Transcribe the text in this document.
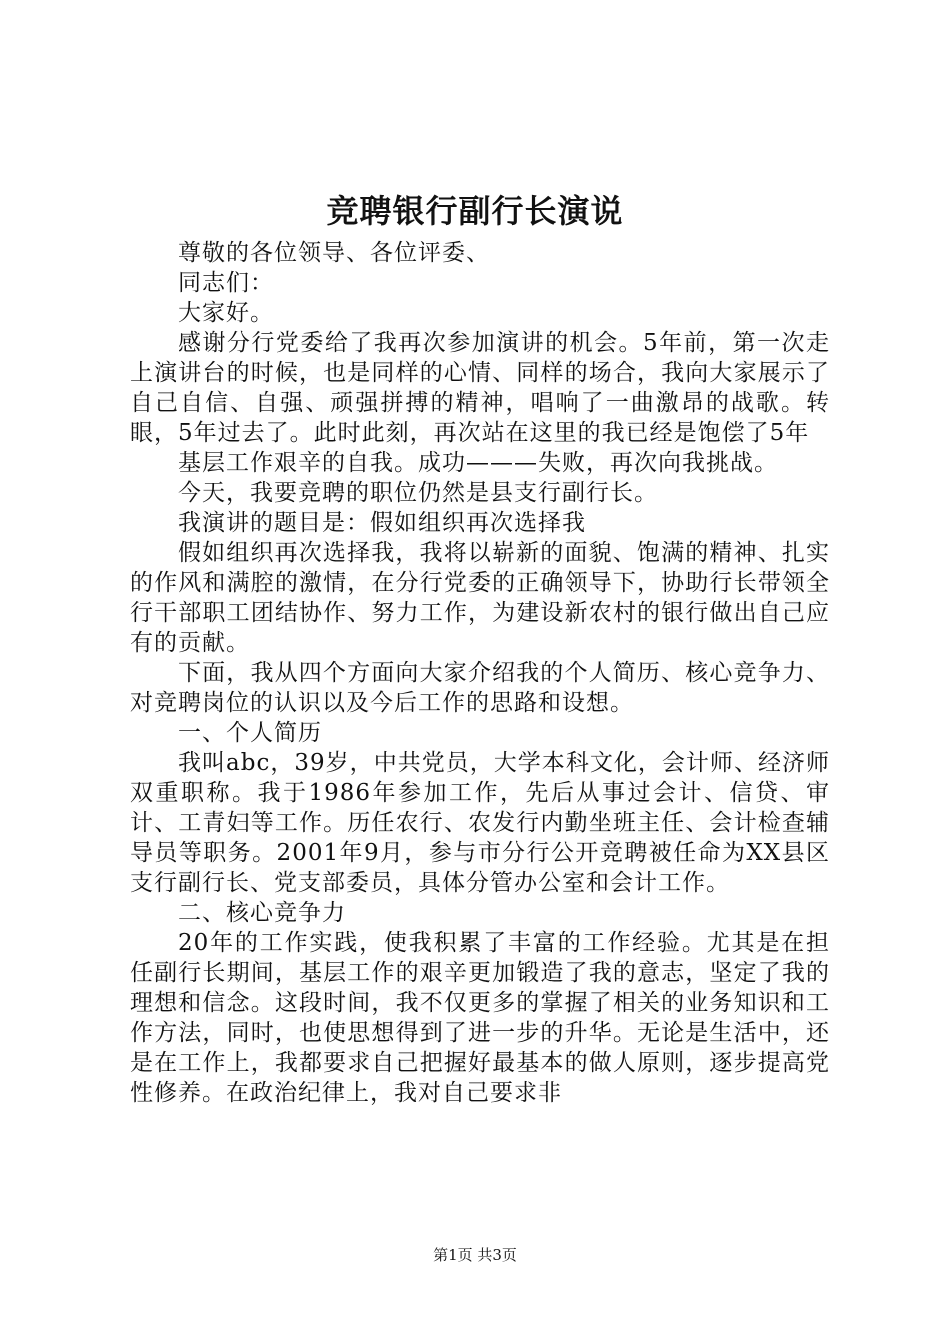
竞聘银行副行长演说

尊敬的各位领导、各位评委、

同志们：

大家好。

感谢分行党委给了我再次参加演讲的机会。5年前，第一次走上演讲台的时候，也是同样的心情、同样的场合，我向大家展示了自己自信、自强、顽强拼搏的精神，唱响了一曲激昂的战歌。转眼，5年过去了。此时此刻，再次站在这里的我已经是饱偿了5年

基层工作艰辛的自我。成功———失败，再次向我挑战。

今天，我要竞聘的职位仍然是县支行副行长。

我演讲的题目是：假如组织再次选择我

假如组织再次选择我，我将以崭新的面貌、饱满的精神、扎实的作风和满腔的激情，在分行党委的正确领导下，协助行长带领全行干部职工团结协作、努力工作，为建设新农村的银行做出自己应有的贡献。

下面，我从四个方面向大家介绍我的个人简历、核心竞争力、对竞聘岗位的认识以及今后工作的思路和设想。

一、个人简历

我叫abc，39岁，中共党员，大学本科文化，会计师、经济师双重职称。我于1986年参加工作，先后从事过会计、信贷、审计、工青妇等工作。历任农行、农发行内勤坐班主任、会计检查辅导员等职务。2001年9月，参与市分行公开竞聘被任命为XX县区支行副行长、党支部委员，具体分管办公室和会计工作。

二、核心竞争力

20年的工作实践，使我积累了丰富的工作经验。尤其是在担任副行长期间，基层工作的艰辛更加锻造了我的意志，坚定了我的理想和信念。这段时间，我不仅更多的掌握了相关的业务知识和工作方法，同时，也使思想得到了进一步的升华。无论是生活中，还是在工作上，我都要求自己把握好最基本的做人原则，逐步提高党性修养。在政治纪律上，我对自己要求非

第1页 共3页
